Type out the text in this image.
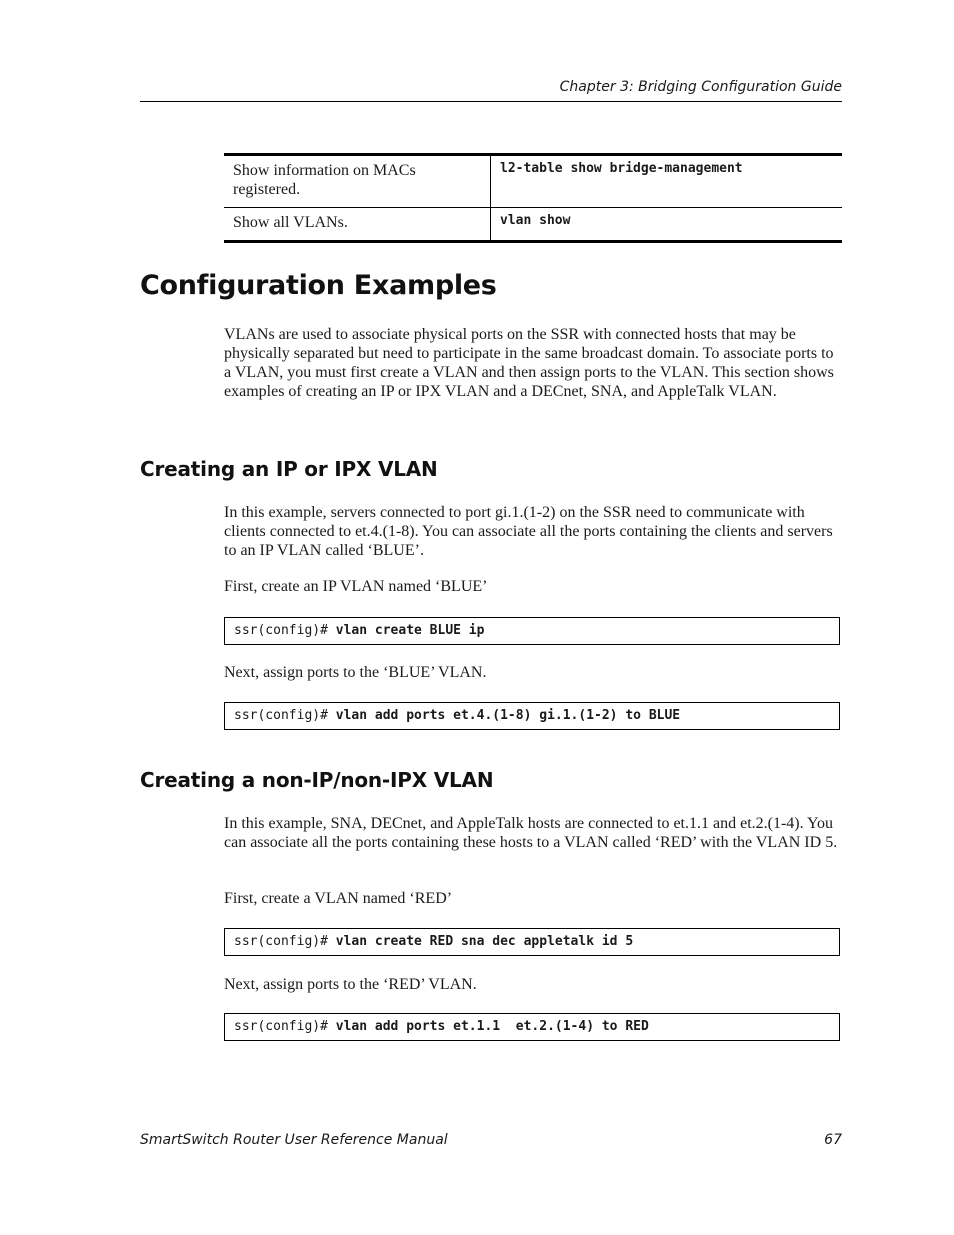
Chapter 3: Bridging Configuration Guide
Show information on MACs registered.	l2-table show bridge-management
Show all VLANs.	vlan show
Configuration Examples

VLANs are used to associate physical ports on the SSR with connected hosts that may be physically separated but need to participate in the same broadcast domain. To associate ports to a VLAN, you must first create a VLAN and then assign ports to the VLAN. This section shows examples of creating an IP or IPX VLAN and a DECnet, SNA, and AppleTalk VLAN.

Creating an IP or IPX VLAN

In this example, servers connected to port gi.1.(1-2) on the SSR need to communicate with clients connected to et.4.(1-8). You can associate all the ports containing the clients and servers to an IP VLAN called ‘BLUE’.

First, create an IP VLAN named ‘BLUE’

ssr(config)# vlan create BLUE ip

Next, assign ports to the ‘BLUE’ VLAN.

ssr(config)# vlan add ports et.4.(1-8) gi.1.(1-2) to BLUE
Creating a non-IP/non-IPX VLAN

In this example, SNA, DECnet, and AppleTalk hosts are connected to et.1.1 and et.2.(1-4). You can associate all the ports containing these hosts to a VLAN called ‘RED’ with the VLAN ID 5.

First, create a VLAN named ‘RED’

ssr(config)# vlan create RED sna dec appletalk id 5

Next, assign ports to the ‘RED’ VLAN.

ssr(config)# vlan add ports et.1.1  et.2.(1-4) to RED
SmartSwitch Router User Reference Manual	67
